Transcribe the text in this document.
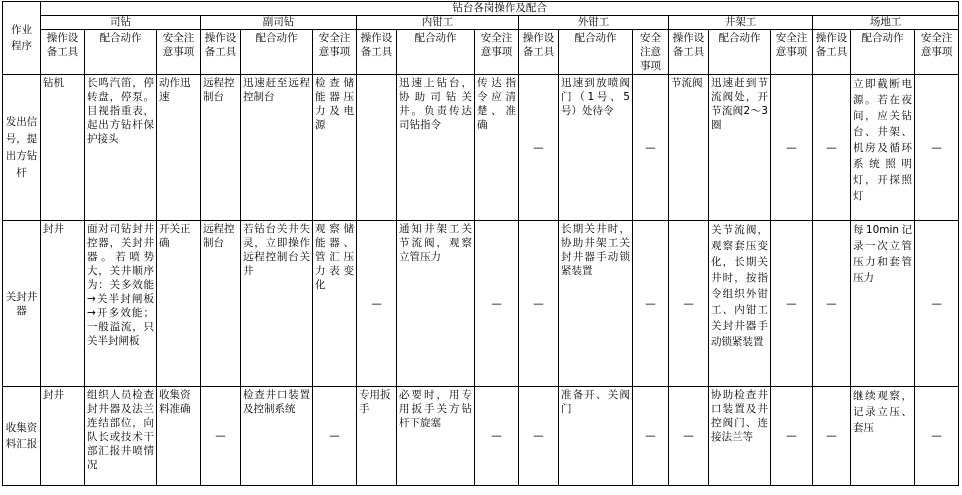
作业程序	钻台各岗操作及配合																	
	司钻			副司钻			内钳工			外钳工			井架工			场地工		
	操作设备工具	配合动作	安全注意事项	操作设备工具	配合动作	安全注意事项	操作设备工具	配合动作	安全注意事项	操作设备工具	配合动作	安全注意事项	操作设备工具	配合动作	安全注意事项	操作设备工具	配合动作	安全注意事项
发出信号，提出方钻杆	钻机	长鸣汽笛，停转盘，停泵。目视指重表，起出方钻杆保护接头	动作迅速	远程控制台	迅速赶至远程控制台	检查储能器压力及电源		迅速上钻台，协助司钻关井。负责传达司钻指令	传达指令应清楚、准确	—	迅速到放喷阀门（1号、5号）处待令	—	节流阀	迅速赶到节流阀处，开节流阀2～3圈	—	—	立即截断电源。若在夜间，应关钻台、井架、机房及循环系统照明灯，开探照灯	—
关封井器	封井	面对司钻封井控器，关封井器。若喷势大，关井顺序为：关多效能→关半封闸板→开多效能；一般溢流，只关半封闸板	开关正确	远程控制台	若钻台关井失灵，立即操作远程控制台关井	观察储能器、管汇压力表变化	—	通知井架工关节流阀，观察立管压力	—	—	长期关井时，协助井架工关封井器手动锁紧装置	—	—	关节流阀，观察套压变化，长期关井时，按指令组织外钳工、内钳工关封井器手动锁紧装置	—	—	每10min记录一次立管压力和套管压力	—
收集资料汇报	封井	组织人员检查封井器及法兰连结部位，向队长或技术干部汇报井喷情况	收集资料准确	—	检查井口装置及控制系统	—	专用扳手	必要时，用专用扳手关方钻杆下旋塞	—	—	准备开、关阀门	—	—	协助检查井口装置及井控阀门、连接法兰等	—	—	继续观察，记录立压、套压	—
